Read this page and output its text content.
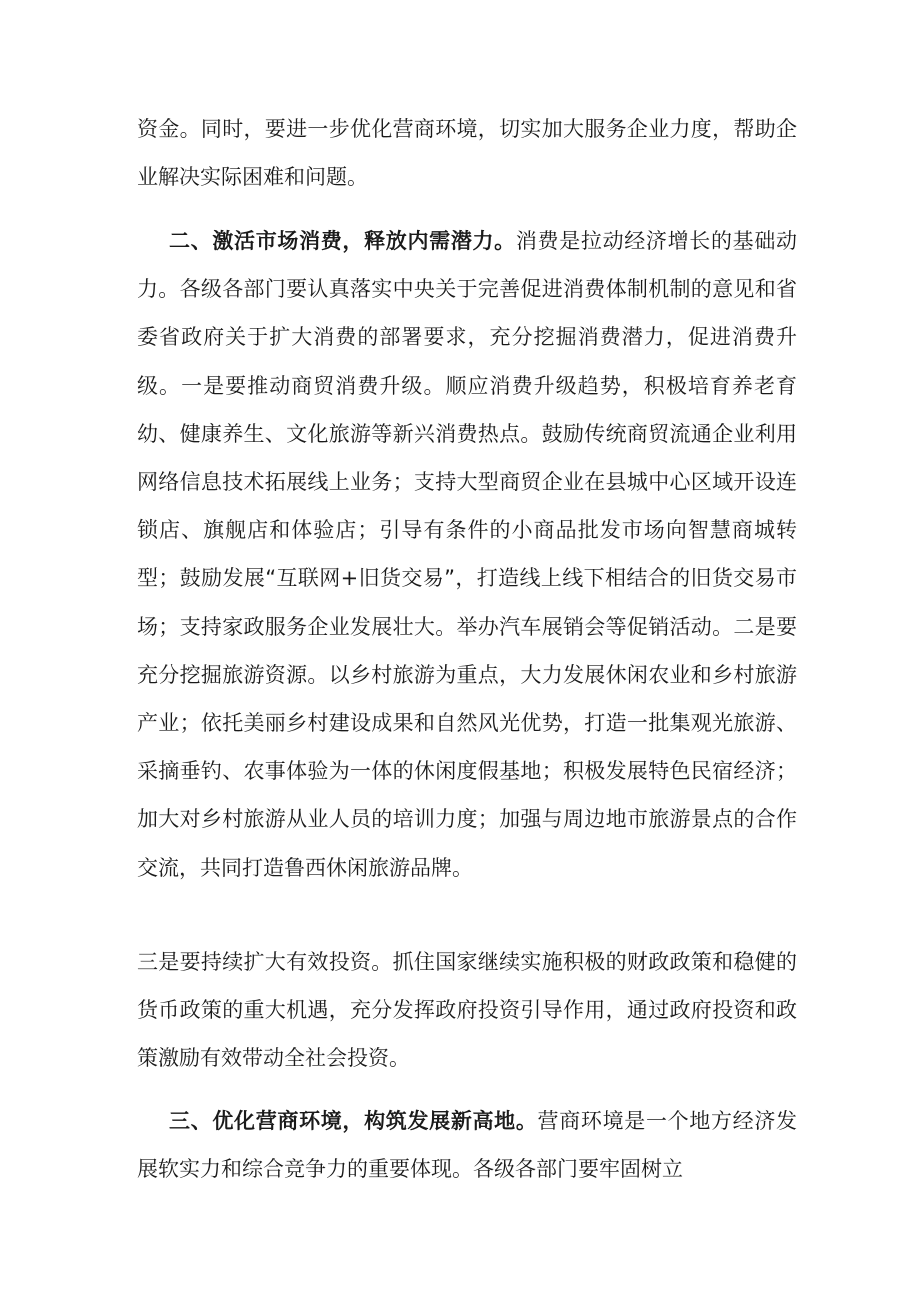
资金。同时，要进一步优化营商环境，切实加大服务企业力度，帮助企业解决实际困难和问题。

二、激活市场消费，释放内需潜力。消费是拉动经济增长的基础动力。各级各部门要认真落实中央关于完善促进消费体制机制的意见和省委省政府关于扩大消费的部署要求，充分挖掘消费潜力，促进消费升级。一是要推动商贸消费升级。顺应消费升级趋势，积极培育养老育幼、健康养生、文化旅游等新兴消费热点。鼓励传统商贸流通企业利用网络信息技术拓展线上业务；支持大型商贸企业在县城中心区域开设连锁店、旗舰店和体验店；引导有条件的小商品批发市场向智慧商城转型；鼓励发展“互联网+旧货交易”，打造线上线下相结合的旧货交易市场；支持家政服务企业发展壮大。举办汽车展销会等促销活动。二是要充分挖掘旅游资源。以乡村旅游为重点，大力发展休闲农业和乡村旅游产业；依托美丽乡村建设成果和自然风光优势，打造一批集观光旅游、采摘垂钓、农事体验为一体的休闲度假基地；积极发展特色民宿经济；加大对乡村旅游从业人员的培训力度；加强与周边地市旅游景点的合作交流，共同打造鲁西休闲旅游品牌。

三是要持续扩大有效投资。抓住国家继续实施积极的财政政策和稳健的货币政策的重大机遇，充分发挥政府投资引导作用，通过政府投资和政策激励有效带动全社会投资。

三、优化营商环境，构筑发展新高地。营商环境是一个地方经济发展软实力和综合竞争力的重要体现。各级各部门要牢固树立
